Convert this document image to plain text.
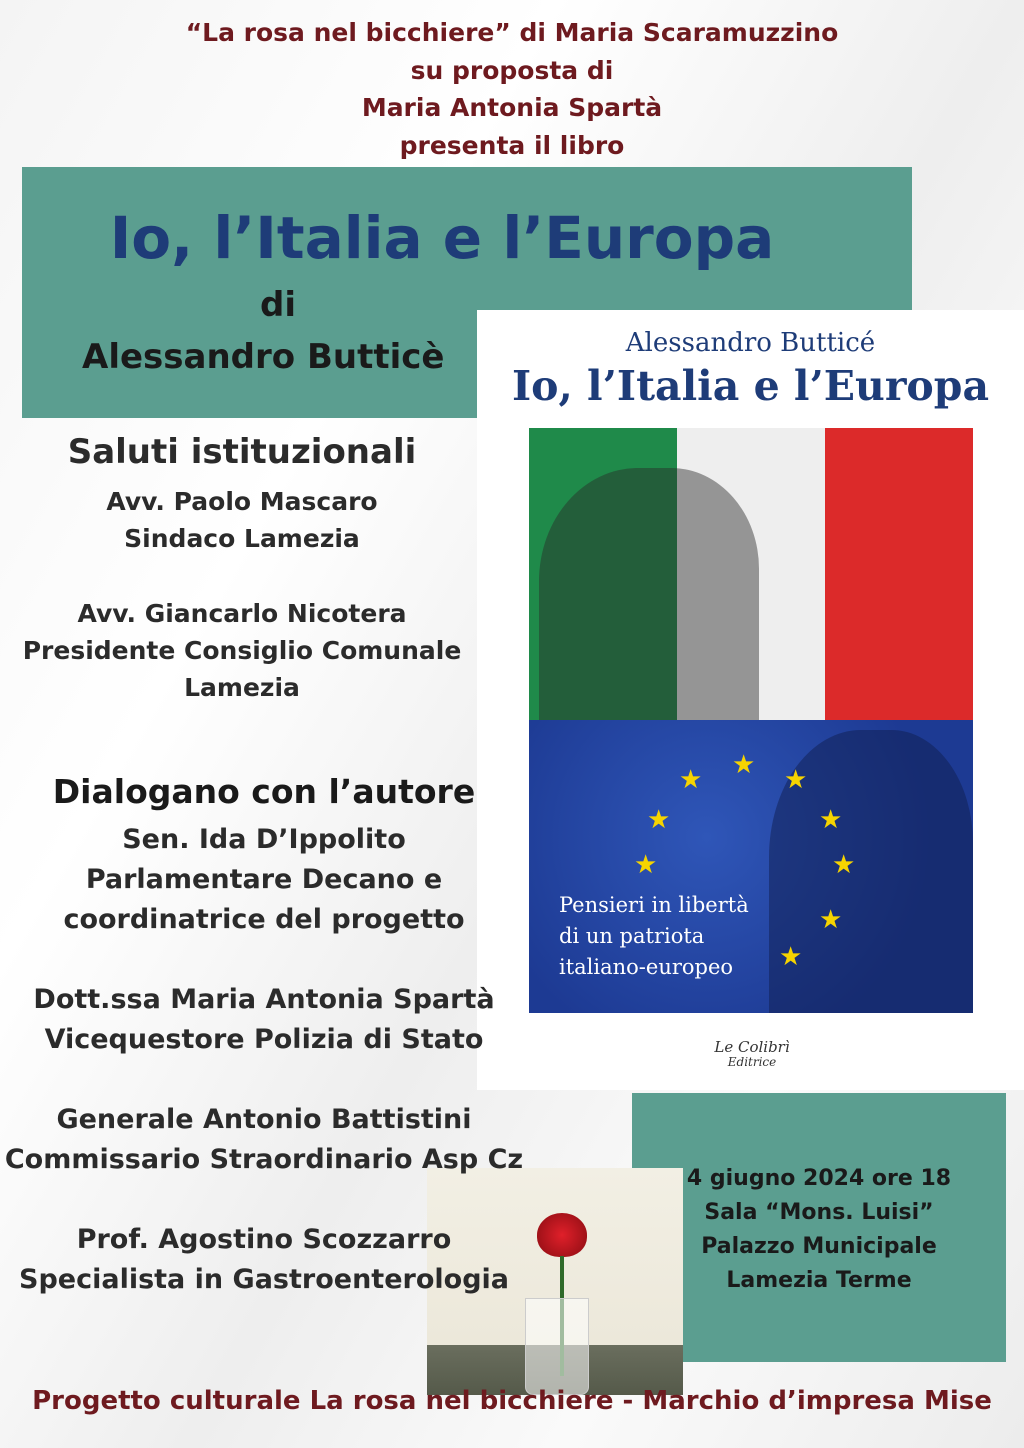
“La rosa nel bicchiere” di Maria Scaramuzzino
su proposta di
Maria Antonia Spartà
presenta il libro
Io, l’Italia e l’Europa
di
Alessandro Butticè	Alessandro Butticé
Io, l’Italia e l’Europa
★ ★ ★
★	★
★	★
★
★
Pensieri in libertà
di un patriota
italiano-europeo
Le Colibrì
Editrice
Saluti istituzionali
Avv. Paolo Mascaro
Sindaco Lamezia
Avv. Giancarlo Nicotera
Presidente Consiglio Comunale
Lamezia
Dialogano con l’autore
Sen. Ida D’Ippolito
Parlamentare Decano e
coordinatrice del progetto
Dott.ssa Maria Antonia Spartà
Vicequestore Polizia di Stato
Generale Antonio Battistini
Commissario Straordinario Asp Cz
Prof. Agostino Scozzarro
Specialista in Gastroenterologia
4 giugno 2024 ore 18
Sala “Mons. Luisi”
Palazzo Municipale
Lamezia Terme
Progetto culturale La rosa nel bicchiere - Marchio d’impresa Mise
